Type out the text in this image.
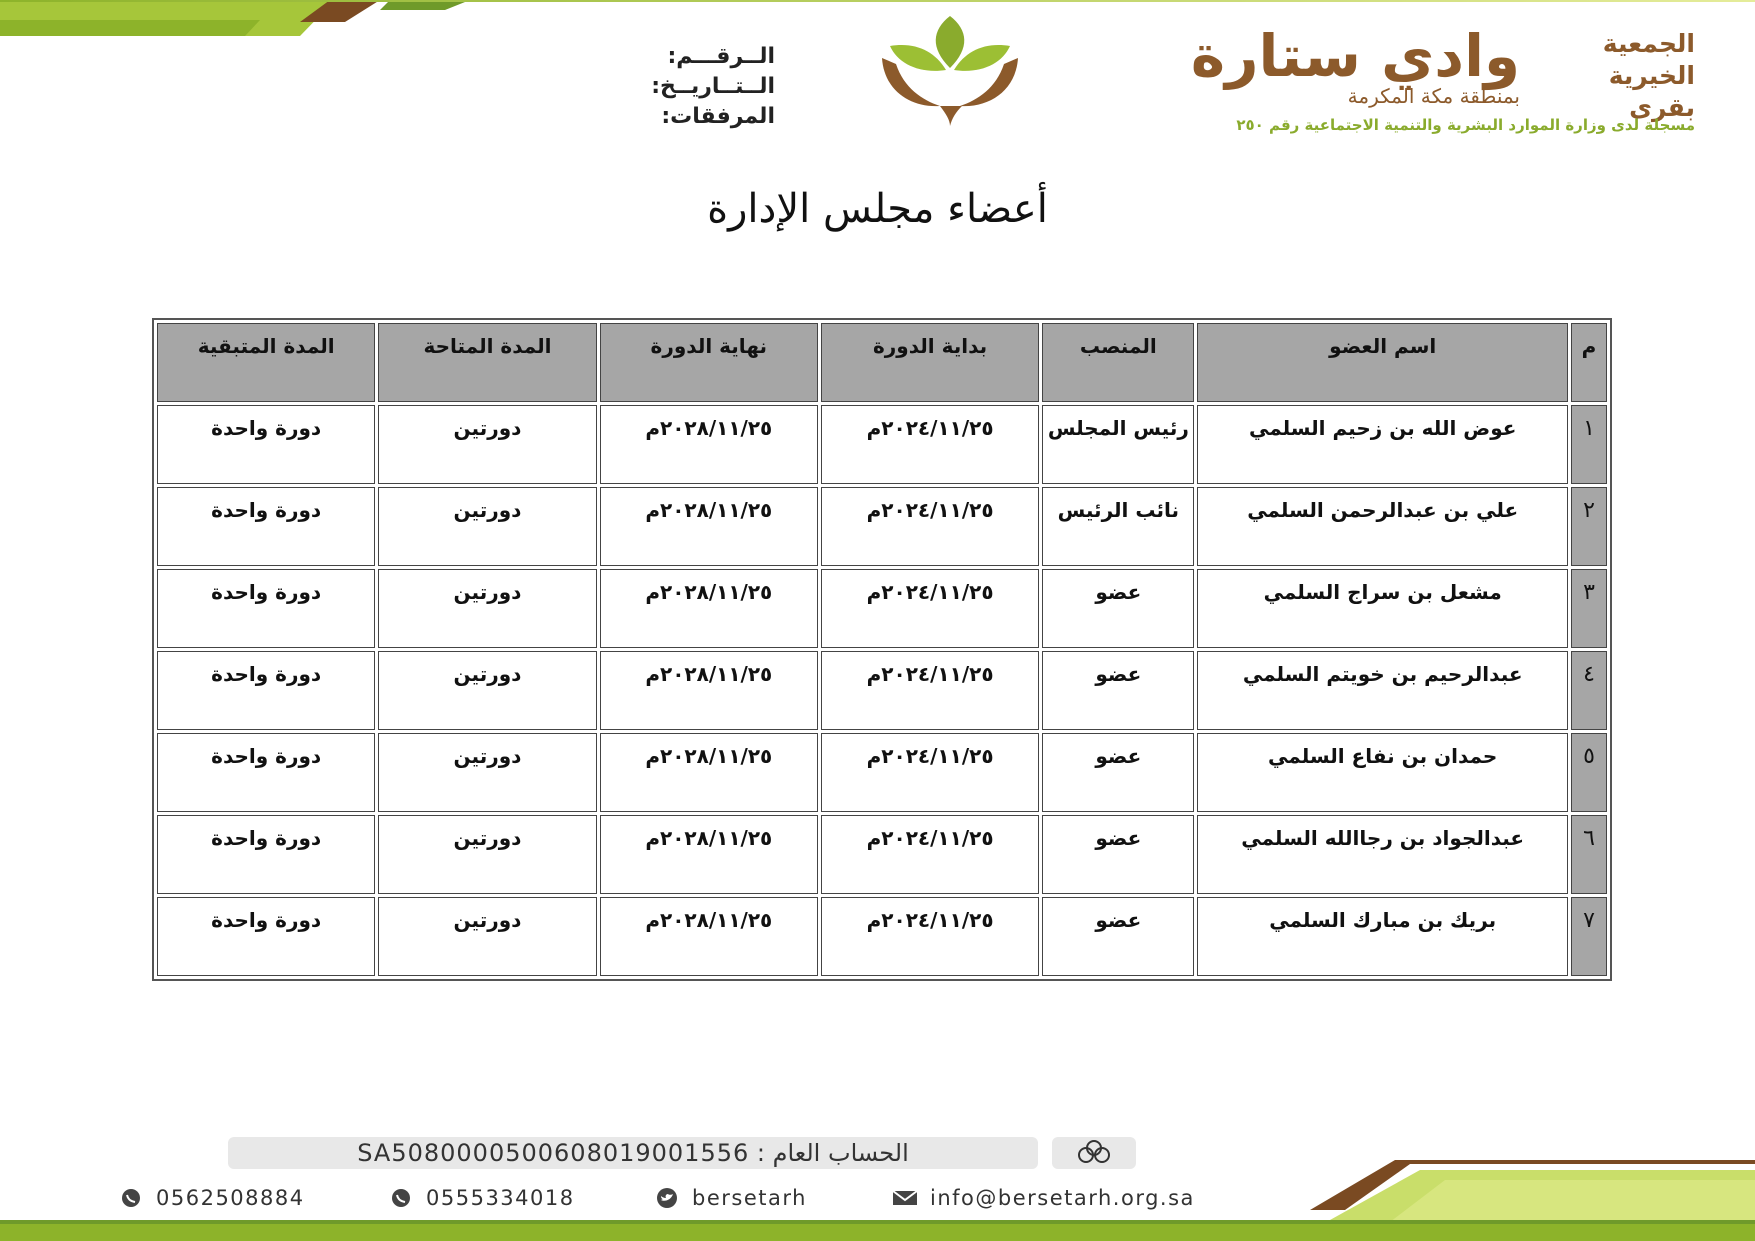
الجمعية
الخيرية
بقرى
وادي ستارة
بمنطقة مكة المكرمة
مسجلة لدى وزارة الموارد البشرية والتنمية الاجتماعية رقم ٢٥٠
الــرقـــم:
الــتــاريــخ:
المرفقات:
أعضاء مجلس الإدارة
م	اسم العضو	المنصب	بداية الدورة	نهاية الدورة	المدة المتاحة	المدة المتبقية
١	عوض الله بن زحيم السلمي	رئيس المجلس	٢٠٢٤/١١/٢٥م	٢٠٢٨/١١/٢٥م	دورتين	دورة واحدة
٢	علي بن عبدالرحمن السلمي	نائب الرئيس	٢٠٢٤/١١/٢٥م	٢٠٢٨/١١/٢٥م	دورتين	دورة واحدة
٣	مشعل بن سراج السلمي	عضو	٢٠٢٤/١١/٢٥م	٢٠٢٨/١١/٢٥م	دورتين	دورة واحدة
٤	عبدالرحيم بن خويتم السلمي	عضو	٢٠٢٤/١١/٢٥م	٢٠٢٨/١١/٢٥م	دورتين	دورة واحدة
٥	حمدان بن نفاع السلمي	عضو	٢٠٢٤/١١/٢٥م	٢٠٢٨/١١/٢٥م	دورتين	دورة واحدة
٦	عبدالجواد بن رجاالله السلمي	عضو	٢٠٢٤/١١/٢٥م	٢٠٢٨/١١/٢٥م	دورتين	دورة واحدة
٧	بريك بن مبارك السلمي	عضو	٢٠٢٤/١١/٢٥م	٢٠٢٨/١١/٢٥م	دورتين	دورة واحدة
الحساب العام : SA5080000500608019001556
0562508884	0555334018	bersetarh	info@bersetarh.org.sa
